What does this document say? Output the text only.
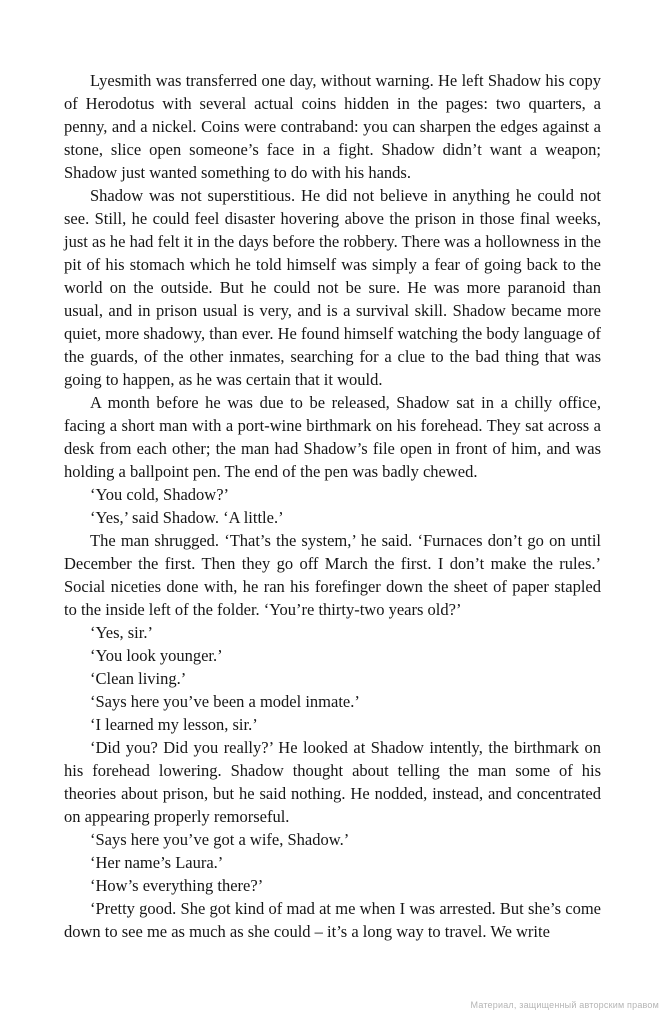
Lyesmith was transferred one day, without warning. He left Shadow his copy of Herodotus with several actual coins hidden in the pages: two quarters, a penny, and a nickel. Coins were contraband: you can sharpen the edges against a stone, slice open someone’s face in a fight. Shadow didn’t want a weapon; Shadow just wanted something to do with his hands.

Shadow was not superstitious. He did not believe in anything he could not see. Still, he could feel disaster hovering above the prison in those final weeks, just as he had felt it in the days before the robbery. There was a hollowness in the pit of his stomach which he told himself was simply a fear of going back to the world on the outside. But he could not be sure. He was more paranoid than usual, and in prison usual is very, and is a survival skill. Shadow became more quiet, more shadowy, than ever. He found himself watching the body language of the guards, of the other inmates, searching for a clue to the bad thing that was going to happen, as he was certain that it would.

A month before he was due to be released, Shadow sat in a chilly office, facing a short man with a port-wine birthmark on his forehead. They sat across a desk from each other; the man had Shadow’s file open in front of him, and was holding a ballpoint pen. The end of the pen was badly chewed.

‘You cold, Shadow?’

‘Yes,’ said Shadow. ‘A little.’

The man shrugged. ‘That’s the system,’ he said. ‘Furnaces don’t go on until December the first. Then they go off March the first. I don’t make the rules.’ Social niceties done with, he ran his forefinger down the sheet of paper stapled to the inside left of the folder. ‘You’re thirty-two years old?’

‘Yes, sir.’

‘You look younger.’

‘Clean living.’

‘Says here you’ve been a model inmate.’

‘I learned my lesson, sir.’

‘Did you? Did you really?’ He looked at Shadow intently, the birthmark on his forehead lowering. Shadow thought about telling the man some of his theories about prison, but he said nothing. He nodded, instead, and concentrated on appearing properly remorseful.

‘Says here you’ve got a wife, Shadow.’

‘Her name’s Laura.’

‘How’s everything there?’

‘Pretty good. She got kind of mad at me when I was arrested. But she’s come down to see me as much as she could – it’s a long way to travel. We write

Материал, защищенный авторским правом
